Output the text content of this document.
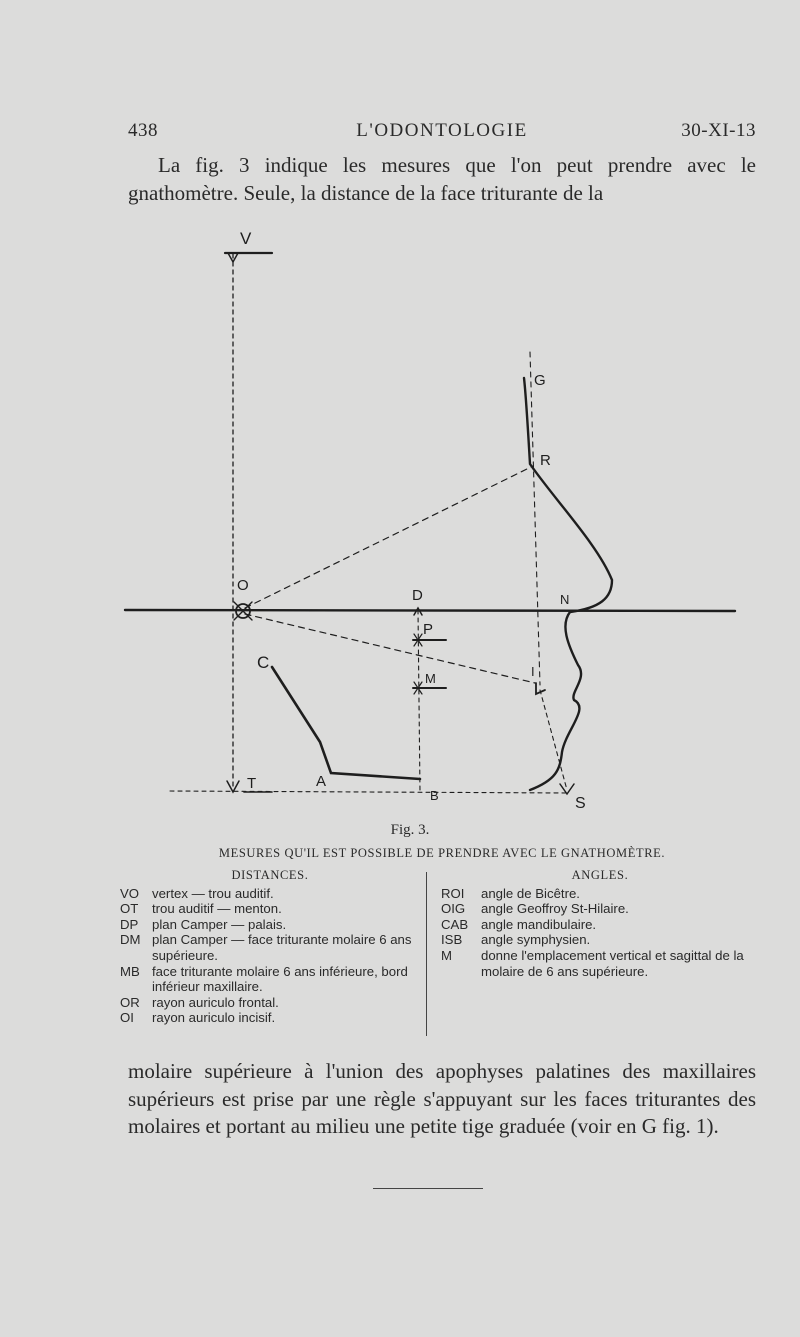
438	L'ODONTOLOGIE	30-XI-13

La fig. 3 indique les mesures que l'on peut prendre avec le gnathomètre. Seule, la distance de la face triturante de la

V
G
R
O
D	N
P
C
M	I
T	A
B	S
Fig. 3.
MESURES QU'IL EST POSSIBLE DE PRENDRE AVEC LE GNATHOMÈTRE.
DISTANCES.
VO vertex — trou auditif.
OT	trou auditif — menton.
DP	plan Camper — palais.
DM plan Camper — face triturante molaire 6 ans supérieure.
MB face triturante molaire 6 ans inférieure, bord inférieur maxillaire.
OR rayon auriculo frontal.
OI	rayon auriculo incisif.
ANGLES.
ROI	angle de Bicêtre.
OIG	angle Geoffroy St-Hilaire.
CAB angle mandibulaire.
ISB	angle symphysien.
M	donne l'emplacement vertical et sagittal de la molaire de 6 ans supérieure.

molaire supérieure à l'union des apophyses palatines des maxillaires supérieurs est prise par une règle s'appuyant sur les faces triturantes des molaires et portant au milieu une petite tige graduée (voir en G fig. 1).
